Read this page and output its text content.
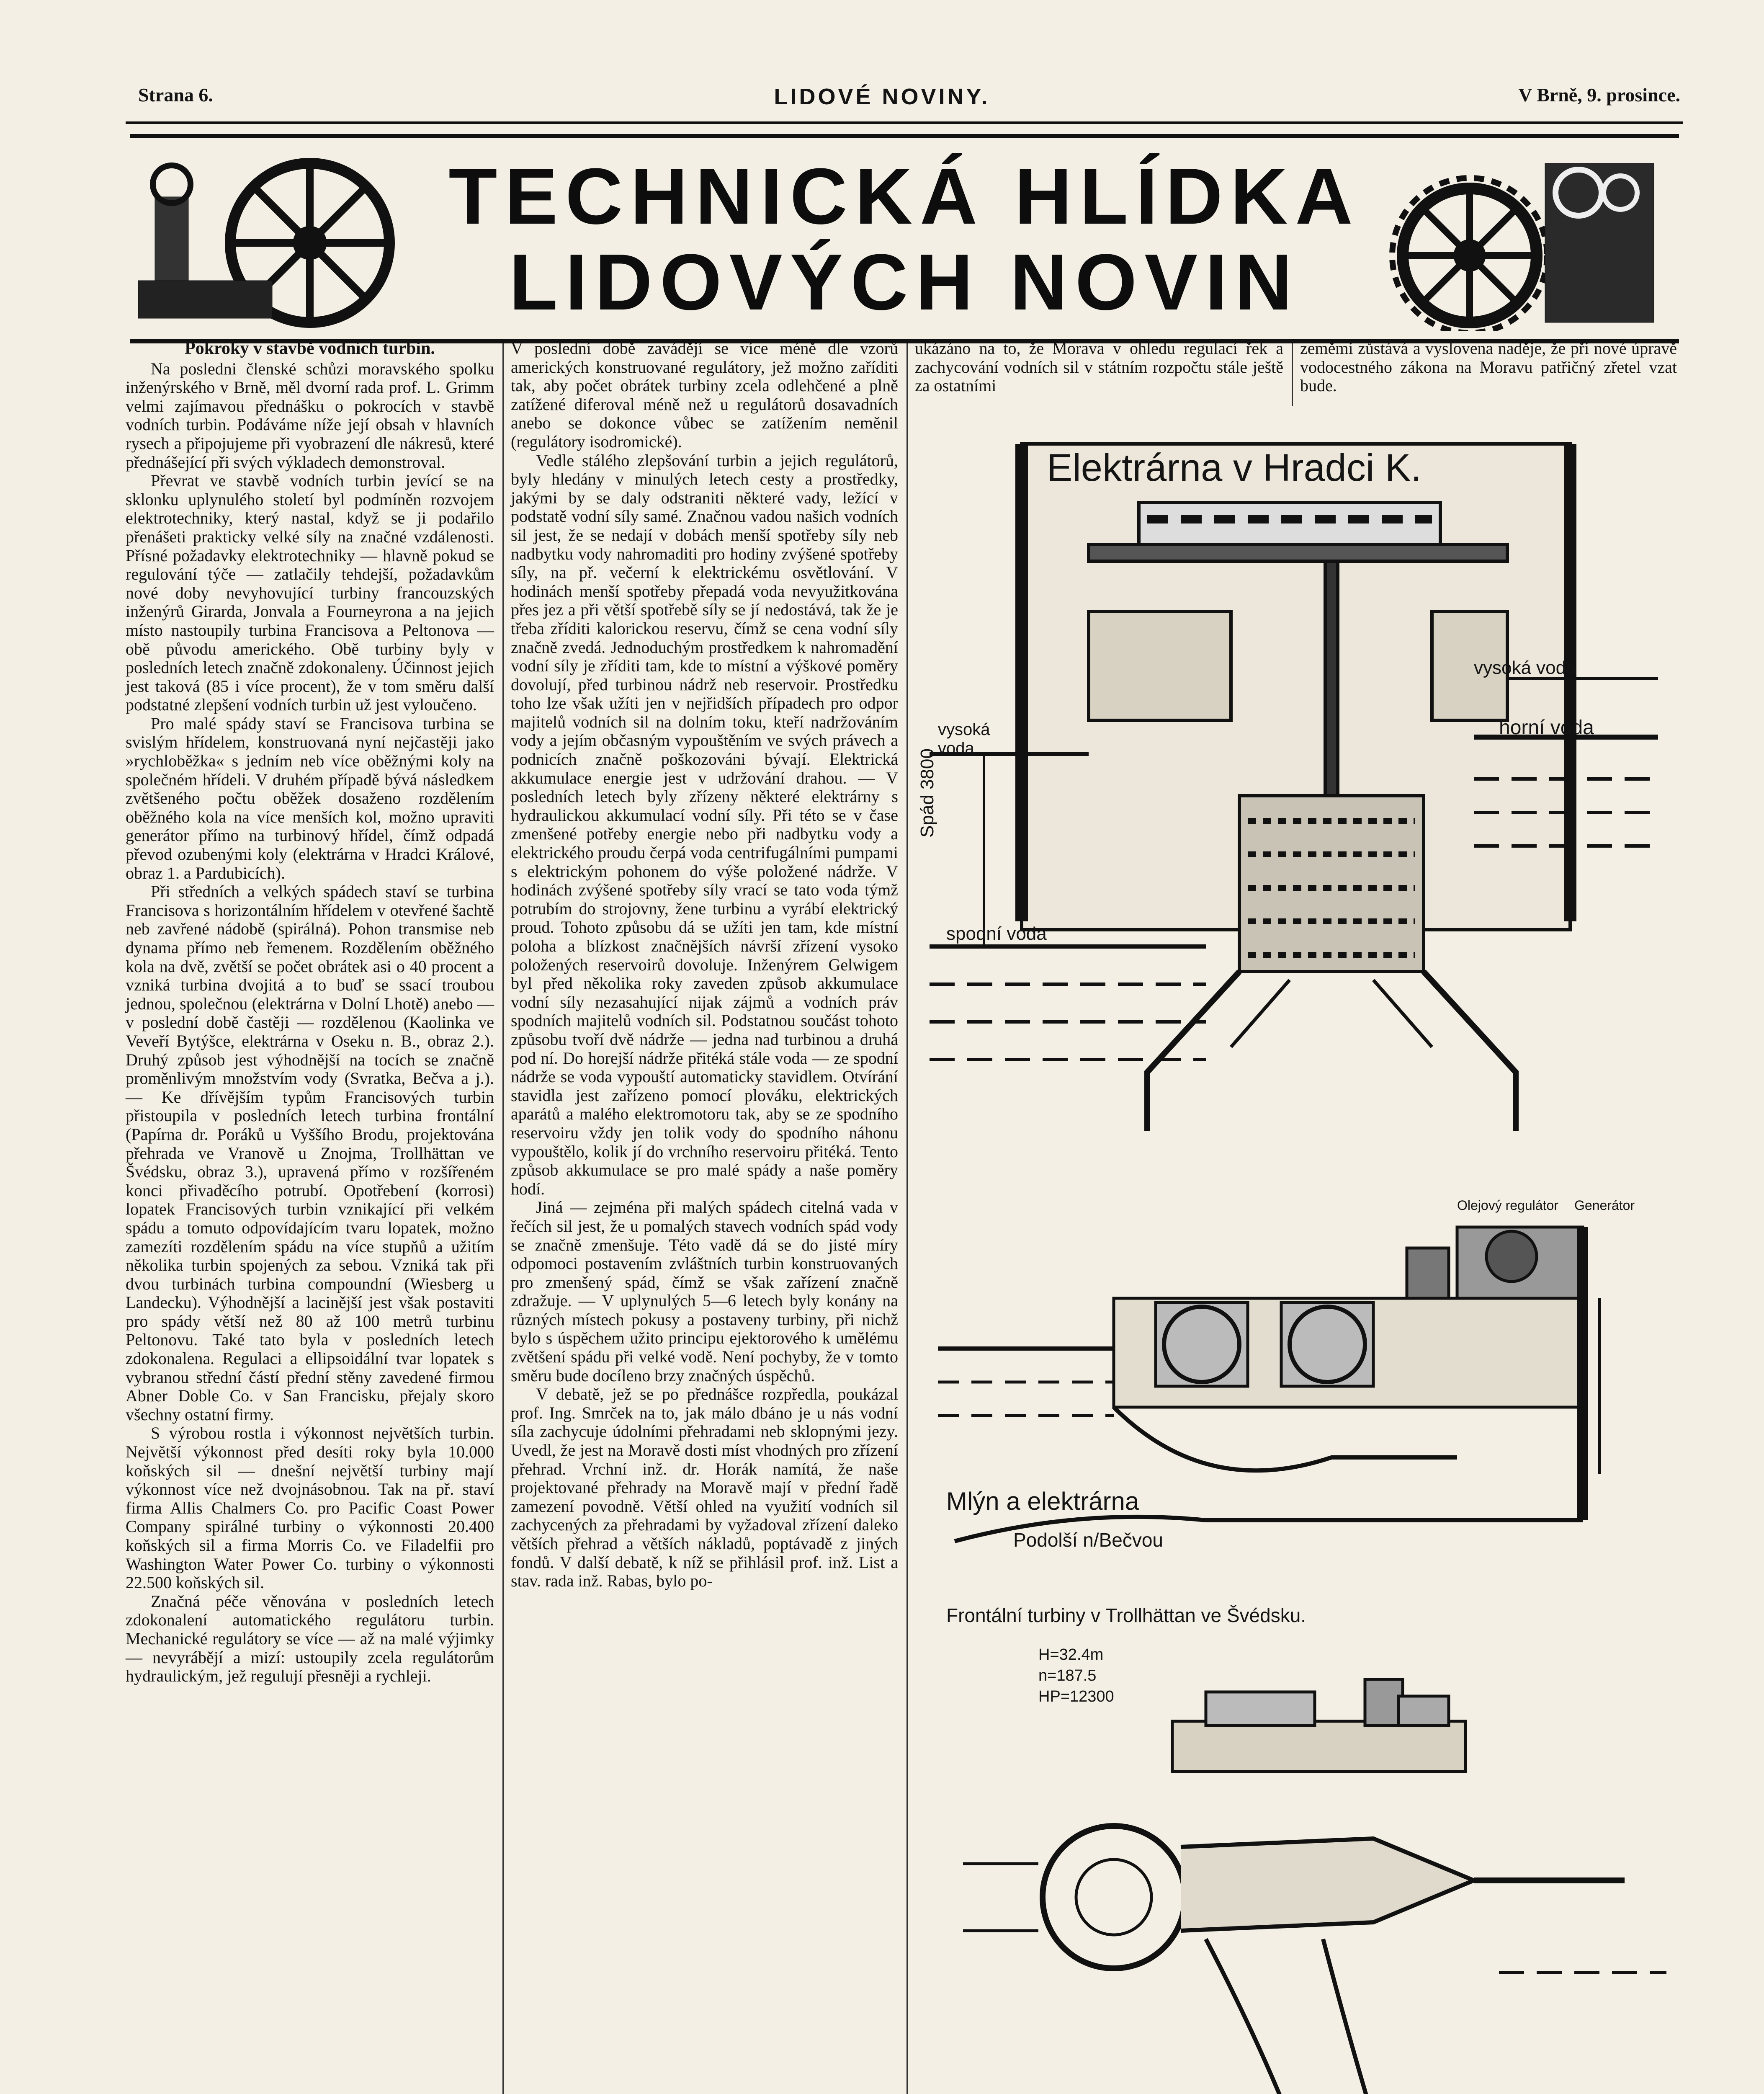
Strana 6.	LIDOVÉ NOVINY.	V Brně, 9. prosince.
TECHNICKÁ HLÍDKA
LIDOVÝCH NOVIN
Pokroky v stavbě vodních turbin.

Na posledni členské schůzi moravského spolku inženýrského v Brně, měl dvorní rada prof. L. Grimm velmi zajímavou přednášku o pokrocích v stavbě vodních turbin. Podáváme níže její obsah v hlavních rysech a připojujeme při vyobrazení dle nákresů, které přednášející při svých výkladech demonstroval.

Převrat ve stavbě vodních turbin jevící se na sklonku uplynulého století byl podmíněn rozvojem elektrotechniky, který nastal, když se ji podařilo přenášeti prakticky velké síly na značné vzdálenosti. Přísné požadavky elektrotechniky — hlavně pokud se regulování týče — zatlačily tehdejší, požadavkům nové doby nevyhovující turbiny francouzských inženýrů Girarda, Jonvala a Fourneyrona a na jejich místo nastoupily turbina Francisova a Peltonova — obě původu amerického. Obě turbiny byly v posledních letech značně zdokonaleny. Účinnost jejich jest taková (85 i více procent), že v tom směru další podstatné zlepšení vodních turbin už jest vyloučeno.

Pro malé spády staví se Francisova turbina se svislým hřídelem, konstruovaná nyní nejčastěji jako »rychloběžka« s jedním neb více oběžnými koly na společném hřídeli. V druhém případě bývá následkem zvětšeného počtu oběžek dosaženo rozdělením oběžného kola na více menších kol, možno upraviti generátor přímo na turbinový hřídel, čímž odpadá převod ozubenými koly (elektrárna v Hradci Králové, obraz 1. a Pardubicích).

Při středních a velkých spádech staví se turbina Francisova s horizontálním hřídelem v otevřené šachtě neb zavřené nádobě (spirálná). Pohon transmise neb dynama přímo neb řemenem. Rozdělením oběžného kola na dvě, zvětší se počet obrátek asi o 40 procent a vzniká turbina dvojitá a to buď se ssací troubou jednou, společnou (elektrárna v Dolní Lhotě) anebo — v poslední době častěji — rozdělenou (Kaolinka ve Veveří Bytýšce, elektrárna v Oseku n. B., obraz 2.). Druhý způsob jest výhodnější na tocích se značně proměnlivým množstvím vody (Svratka, Bečva a j.). — Ke dřívějším typům Francisových turbin přistoupila v posledních letech turbina frontální (Papírna dr. Poráků u Vyššího Brodu, projektována přehrada ve Vranově u Znojma, Trollhättan ve Švédsku, obraz 3.), upravená přímo v rozšířeném konci přivaděcího potrubí. Opotřebení (korrosi) lopatek Francisových turbin vznikající při velkém spádu a tomuto odpovídajícím tvaru lopatek, možno zamezíti rozdělením spádu na více stupňů a užitím několika turbin spojených za sebou. Vzniká tak při dvou turbinách turbina compoundní (Wiesberg u Landecku). Výhodnější a lacinější jest však postaviti pro spády větší než 80 až 100 metrů turbinu Peltonovu. Také tato byla v posledních letech zdokonalena. Regulaci a ellipsoidální tvar lopatek s vybranou střední částí přední stěny zavedené firmou Abner Doble Co. v San Francisku, přejaly skoro všechny ostatní firmy.

S výrobou rostla i výkonnost největších turbin. Největší výkonnost před desíti roky byla 10.000 koňských sil — dnešní největší turbiny mají výkonnost více než dvojnásobnou. Tak na př. staví firma Allis Chalmers Co. pro Pacific Coast Power Company spirálné turbiny o výkonnosti 20.400 koňských sil a firma Morris Co. ve Filadelfii pro Washington Water Power Co. turbiny o výkonnosti 22.500 koňských sil.

Značná péče věnována v posledních letech zdokonalení automatického regulátoru turbin. Mechanické regulátory se více — až na malé výjimky — nevyrábějí a mizí: ustoupily zcela regulátorům hydraulickým, jež regulují přesněji a rychleji.

V poslední době zavádějí se více méně dle vzorů amerických konstruované regulátory, jež možno zaříditi tak, aby počet obrátek turbiny zcela odlehčené a plně zatížené diferoval méně než u regulátorů dosavadních anebo se dokonce vůbec se zatížením neměnil (regulátory isodromické).

Vedle stálého zlepšování turbin a jejich regulátorů, byly hledány v minulých letech cesty a prostředky, jakými by se daly odstraniti některé vady, ležící v podstatě vodní síly samé. Značnou vadou našich vodních sil jest, že se nedají v dobách menší spotřeby síly neb nadbytku vody nahromaditi pro hodiny zvýšené spotřeby síly, na př. večerní k elektrickému osvětlování. V hodinách menší spotřeby přepadá voda nevyužitkována přes jez a při větší spotřebě síly se jí nedostává, tak že je třeba zříditi kalorickou reservu, čímž se cena vodní síly značně zvedá. Jednoduchým prostředkem k nahromadění vodní síly je zříditi tam, kde to místní a výškové poměry dovolují, před turbinou nádrž neb reservoir. Prostředku toho lze však užíti jen v nejřidších případech pro odpor majitelů vodních sil na dolním toku, kteří nadržováním vody a jejím občasným vypouštěním ve svých právech a podnicích značně poškozováni bývají. Elektrická akkumulace energie jest v udržování drahou. — V posledních letech byly zřízeny některé elektrárny s hydraulickou akkumulací vodní síly. Při této se v čase zmenšené potřeby energie nebo při nadbytku vody a elektrického proudu čerpá voda centrifugálními pumpami s elektrickým pohonem do výše položené nádrže. V hodinách zvýšené spotřeby síly vrací se tato voda týmž potrubím do strojovny, žene turbinu a vyrábí elektrický proud. Tohoto způsobu dá se užíti jen tam, kde místní poloha a blízkost značnějších návrší zřízení vysoko položených reservoirů dovoluje. Inženýrem Gelwigem byl před několika roky zaveden způsob akkumulace vodní síly nezasahující nijak zájmů a vodních práv spodních majitelů vodních sil. Podstatnou součást tohoto způsobu tvoří dvě nádrže — jedna nad turbinou a druhá pod ní. Do horejší nádrže přitéká stále voda — ze spodní nádrže se voda vypouští automaticky stavidlem. Otvírání stavidla jest zařízeno pomocí plováku, elektrických aparátů a malého elektromotoru tak, aby se ze spodního reservoiru vždy jen tolik vody do spodního náhonu vypouštělo, kolik jí do vrchního reservoiru přitéká. Tento způsob akkumulace se pro malé spády a naše poměry hodí.

Jiná — zejména při malých spádech citelná vada v řečích sil jest, že u pomalých stavech vodních spád vody se značně zmenšuje. Této vadě dá se do jisté míry odpomoci postavením zvláštních turbin konstruovaných pro zmenšený spád, čímž se však zařízení značně zdražuje. — V uplynulých 5—6 letech byly konány na různých místech pokusy a postaveny turbiny, při nichž bylo s úspěchem užito principu ejektorového k umělému zvětšení spádu při velké vodě. Není pochyby, že v tomto směru bude docíleno brzy značných úspěchů.

V debatě, jež se po přednášce rozpředla, poukázal prof. Ing. Smrček na to, jak málo dbáno je u nás vodní síla zachycuje údolními přehradami neb sklopnými jezy. Uvedl, že jest na Moravě dosti míst vhodných pro zřízení přehrad. Vrchní inž. dr. Horák namítá, že naše projektované přehrady na Moravě mají v přední řadě zamezení povodně. Větší ohled na využití vodních sil zachycených za přehradami by vyžadoval zřízení daleko větších přehrad a větších nákladů, poptávadě z jiných fondů. V další debatě, k níž se přihlásil prof. inž. List a stav. rada inž. Rabas, bylo po-

ukázáno na to, že Morava v ohledu regulací řek a zachycování vodních sil v státním rozpočtu stále ještě za ostatními
zeměmi zůstává a vyslovena naděje, že při nové úpravě vodocestného zákona na Moravu patřičný zřetel vzat bude.
Elektrárna v Hradci K.
vysoká voda
horní voda
vysoká voda
Spád 3800
spodní voda
Olejový regulátor Generátor
Mlýn a elektrárna
Podolší n/Bečvou
Frontální turbiny v Trollhättan ve Švédsku.
H=32.4m
n=187.5
HP=12300
